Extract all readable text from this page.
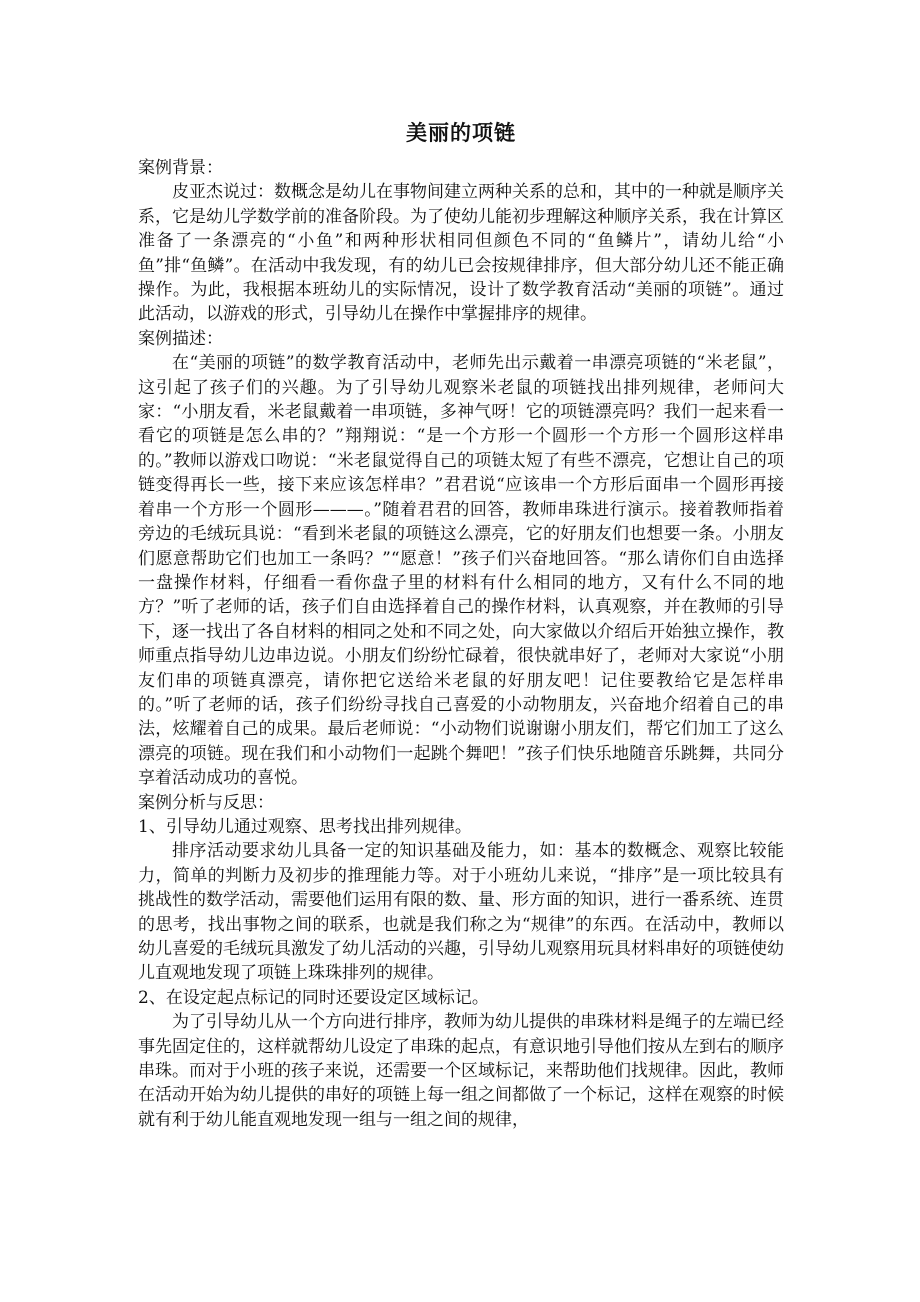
美丽的项链

案例背景：

皮亚杰说过：数概念是幼儿在事物间建立两种关系的总和，其中的一种就是顺序关系，它是幼儿学数学前的准备阶段。为了使幼儿能初步理解这种顺序关系，我在计算区准备了一条漂亮的“小鱼”和两种形状相同但颜色不同的“鱼鳞片”，请幼儿给“小鱼”排“鱼鳞”。在活动中我发现，有的幼儿已会按规律排序，但大部分幼儿还不能正确操作。为此，我根据本班幼儿的实际情况，设计了数学教育活动“美丽的项链”。通过此活动，以游戏的形式，引导幼儿在操作中掌握排序的规律。

案例描述：

在“美丽的项链”的数学教育活动中，老师先出示戴着一串漂亮项链的“米老鼠”，这引起了孩子们的兴趣。为了引导幼儿观察米老鼠的项链找出排列规律，老师问大家：“小朋友看，米老鼠戴着一串项链，多神气呀！它的项链漂亮吗？我们一起来看一看它的项链是怎么串的？”翔翔说：“是一个方形一个圆形一个方形一个圆形这样串的。”教师以游戏口吻说：“米老鼠觉得自己的项链太短了有些不漂亮，它想让自己的项链变得再长一些，接下来应该怎样串？”君君说“应该串一个方形后面串一个圆形再接着串一个方形一个圆形———。”随着君君的回答，教师串珠进行演示。接着教师指着旁边的毛绒玩具说：“看到米老鼠的项链这么漂亮，它的好朋友们也想要一条。小朋友们愿意帮助它们也加工一条吗？”“愿意！”孩子们兴奋地回答。“那么请你们自由选择一盘操作材料，仔细看一看你盘子里的材料有什么相同的地方，又有什么不同的地方？”听了老师的话，孩子们自由选择着自己的操作材料，认真观察，并在教师的引导下，逐一找出了各自材料的相同之处和不同之处，向大家做以介绍后开始独立操作，教师重点指导幼儿边串边说。小朋友们纷纷忙碌着，很快就串好了，老师对大家说“小朋友们串的项链真漂亮，请你把它送给米老鼠的好朋友吧！记住要教给它是怎样串的。”听了老师的话，孩子们纷纷寻找自己喜爱的小动物朋友，兴奋地介绍着自己的串法，炫耀着自己的成果。最后老师说：“小动物们说谢谢小朋友们，帮它们加工了这么漂亮的项链。现在我们和小动物们一起跳个舞吧！”孩子们快乐地随音乐跳舞，共同分享着活动成功的喜悦。

案例分析与反思：

1、引导幼儿通过观察、思考找出排列规律。

排序活动要求幼儿具备一定的知识基础及能力，如：基本的数概念、观察比较能力，简单的判断力及初步的推理能力等。对于小班幼儿来说，“排序”是一项比较具有挑战性的数学活动，需要他们运用有限的数、量、形方面的知识，进行一番系统、连贯的思考，找出事物之间的联系，也就是我们称之为“规律”的东西。在活动中，教师以幼儿喜爱的毛绒玩具激发了幼儿活动的兴趣，引导幼儿观察用玩具材料串好的项链使幼儿直观地发现了项链上珠珠排列的规律。

2、在设定起点标记的同时还要设定区域标记。

为了引导幼儿从一个方向进行排序，教师为幼儿提供的串珠材料是绳子的左端已经事先固定住的，这样就帮幼儿设定了串珠的起点，有意识地引导他们按从左到右的顺序串珠。而对于小班的孩子来说，还需要一个区域标记，来帮助他们找规律。因此，教师在活动开始为幼儿提供的串好的项链上每一组之间都做了一个标记，这样在观察的时候就有利于幼儿能直观地发现一组与一组之间的规律，
